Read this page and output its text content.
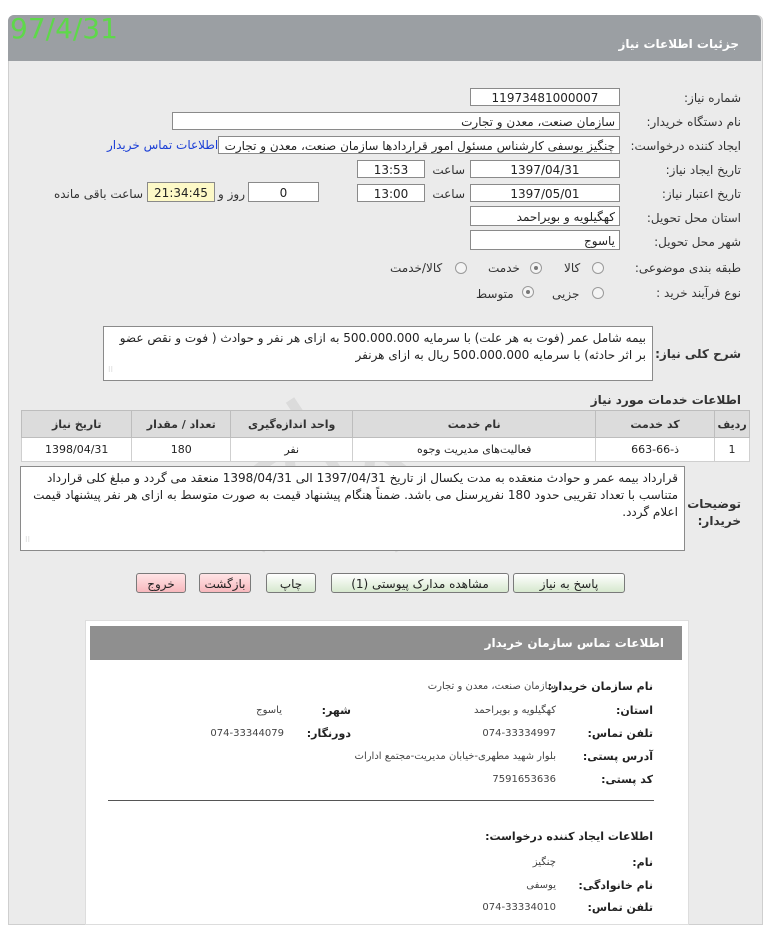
جزئیات اطلاعات نیاز
97/4/31
شماره نیاز:
11973481000007
نام دستگاه خریدار:
سازمان صنعت، معدن و تجارت
ایجاد کننده درخواست:
چنگیز یوسفی کارشناس مسئول امور قراردادها سازمان صنعت، معدن و تجارت
اطلاعات تماس خریدار
تاریخ ایجاد نیاز:
1397/04/31
ساعت
13:53
تاریخ اعتبار نیاز:
1397/05/01
ساعت
13:00
0
روز و
21:34:45
ساعت باقی مانده
استان محل تحویل:
کهگیلویه و بویراحمد
شهر محل تحویل:
یاسوج
طبقه بندی موضوعی:
کالا
خدمت
کالا/خدمت
نوع فرآیند خرید :
جزیی
متوسط
شرح کلی نیاز:
بیمه شامل عمر (فوت به هر علت) با سرمایه 500.000.000 به ازای هر نفر و حوادث ( فوت و نقص عضو بر اثر حادثه) با سرمایه 500.000.000 ریال به ازای هرنفر
⁝⁝
اطلاعات خدمات مورد نیاز
ردیف	کد خدمت	نام خدمت	واحد اندازه‌گیری	تعداد / مقدار	تاریخ نیاز
1	ذ-66-663	فعالیت‌های مدیریت وجوه	نفر	180	1398/04/31
توضیحات خریدار:
قرارداد بیمه عمر و حوادث منعقده به مدت یکسال از تاریخ 1397/04/31 الی 1398/04/31 منعقد می گردد و مبلغ کلی قرارداد متناسب با تعداد تقریبی حدود 180 نفرپرسنل می باشد. ضمناً هنگام پیشنهاد قیمت به صورت متوسط به ازای هر نفر پیشنهاد قیمت اعلام گردد.
⁝⁝
پاسخ به نیاز
مشاهده مدارک پیوستی (1)
چاپ
بازگشت
خروج
اطلاعات تماس سازمان خریدار
نام سازمان خریدار:
سازمان صنعت، معدن و تجارت
استان:
کهگیلویه و بویراحمد
شهر:
یاسوج
تلفن تماس:
074-33334997
دورنگار:
074-33344079
آدرس پستی:
بلوار شهید مطهری-خیابان مدیریت-مجتمع ادارات
کد پستی:
7591653636
اطلاعات ایجاد کننده درخواست:
نام:
چنگیز
نام خانوادگی:
یوسفی
تلفن تماس:
074-33334010
